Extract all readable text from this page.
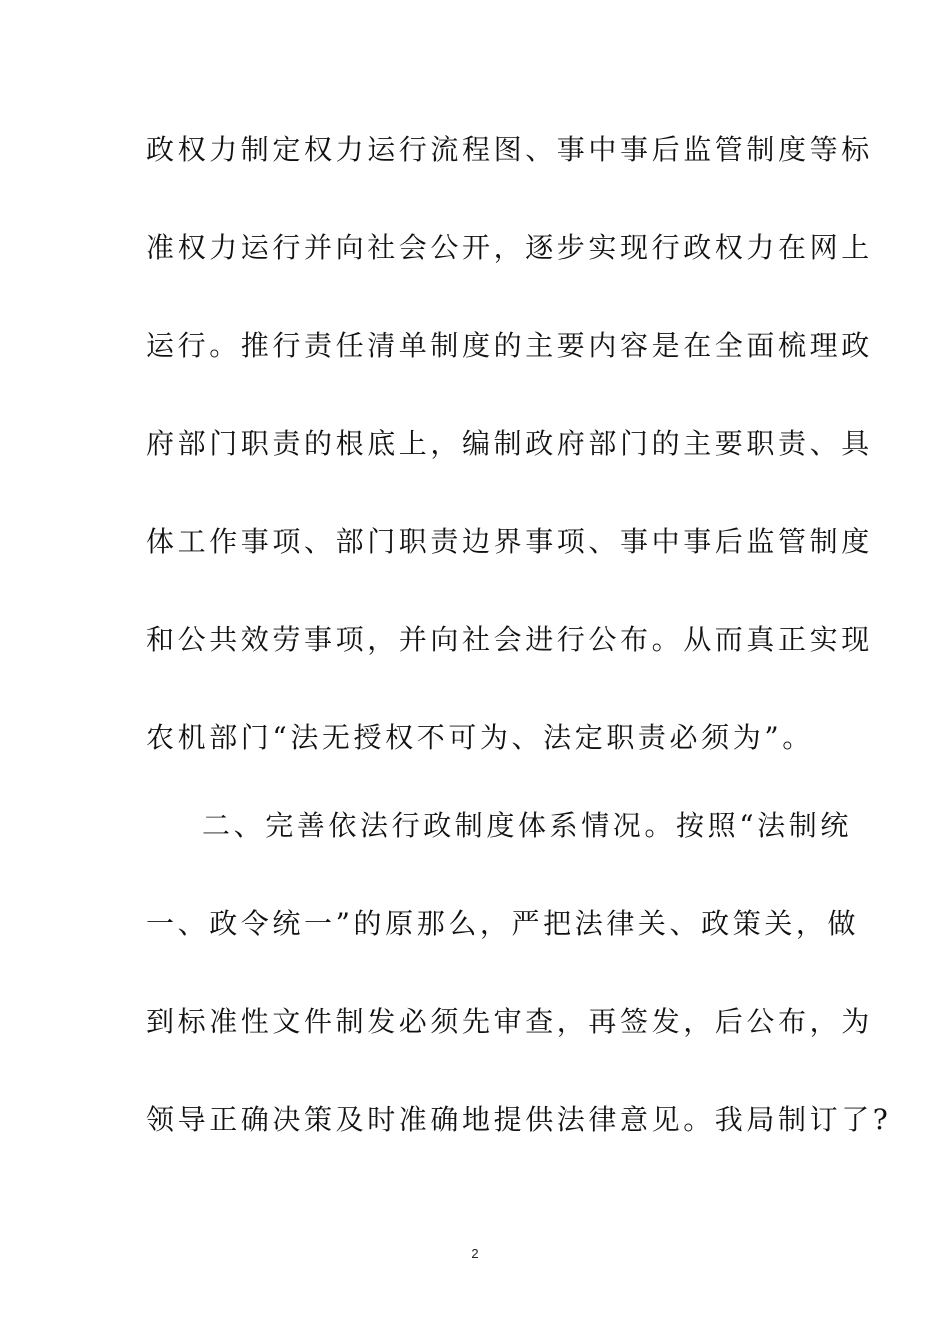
政权力制定权力运行流程图、事中事后监管制度等标
准权力运行并向社会公开，逐步实现行政权力在网上
运行。推行责任清单制度的主要内容是在全面梳理政
府部门职责的根底上，编制政府部门的主要职责、具
体工作事项、部门职责边界事项、事中事后监管制度
和公共效劳事项，并向社会进行公布。从而真正实现
农机部门“法无授权不可为、法定职责必须为”。
二、完善依法行政制度体系情况。按照“法制统
一、政令统一”的原那么，严把法律关、政策关，做
到标准性文件制发必须先审查，再签发，后公布，为
领导正确决策及时准确地提供法律意见。我局制订了?
2
